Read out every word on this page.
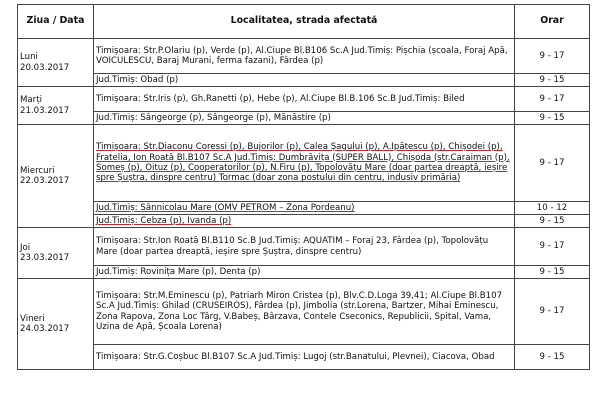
Ziua / Data	Localitatea, strada afectată	Orar

Luni
20.03.2017	Timișoara: Str.P.Olariu (p), Verde (p), Al.Ciupe Bl.B106 Sc.A Jud.Timiș: Pișchia (școala, Foraj Apă, VOICULESCU, Baraj Murani, ferma fazani), Fârdea (p)	9 - 17
	Jud.Timiș: Obad (p)	9 - 15

Marți
21.03.2017	Timișoara: Str.Iris (p), Gh.Ranetti (p), Hebe (p), Al.Ciupe Bl.B.106 Sc.B Jud.Timiș: Biled	9 - 17
	Jud.Timiș: Sângeorge (p), Sângeorge (p), Mănăstire (p)	9 - 15

Miercuri
22.03.2017	Timișoara: Str.Diaconu Coressi (p), Bujorilor (p), Calea Șagului (p), A.Ipătescu (p), Chișodei (p), Fratelia, Ion Roată Bl.B107 Sc.A Jud.Timiș: Dumbrăvița (SUPER BALL), Chișoda (str.Caraiman (p), Someș (p), Oituz (p), Cooperatorilor (p), N.Firu (p), Topolovățu Mare (doar partea dreaptă, ieșire spre Șuștra, dinspre centru) Tormac (doar zona postului din centru, indusiv primăria)	9 - 17
	Jud.Timiș: Sânnicolau Mare (OMV PETROM – Zona Pordeanu)	10 - 12
	Jud.Timiș: Cebza (p), Ivanda (p)	9 - 15

Joi
23.03.2017	Timișoara: Str.Ion Roată Bl.B110 Sc.B Jud.Timiș: AQUATIM – Foraj 23, Fârdea (p), Topolovățu Mare (doar partea dreaptă, ieșire spre Șuștra, dinspre centru)	9 - 17
	Jud.Timiș: Rovinița Mare (p), Denta (p)	9 - 15

Vineri
24.03.2017	Timișoara: Str.M.Eminescu (p), Patriarh Miron Cristea (p), Blv.C.D.Loga 39,41; Al.Ciupe Bl.B107 Sc.A Jud.Timiș: Ghilad (CRUSEIROS), Fârdea (p), Jimbolia (str.Lorena, Bartzer, Mihai Eminescu, Zona Rapova, Zona Loc Târg, V.Babeș, Bârzava, Contele Cseconics, Republicii, Spital, Vama, Uzina de Apă, Școala Lorena)	9 - 17
	Timișoara: Str.G.Coșbuc Bl.B107 Sc.A Jud.Timiș: Lugoj (str.Banatului, Plevnei), Ciacova, Obad	9 - 15
